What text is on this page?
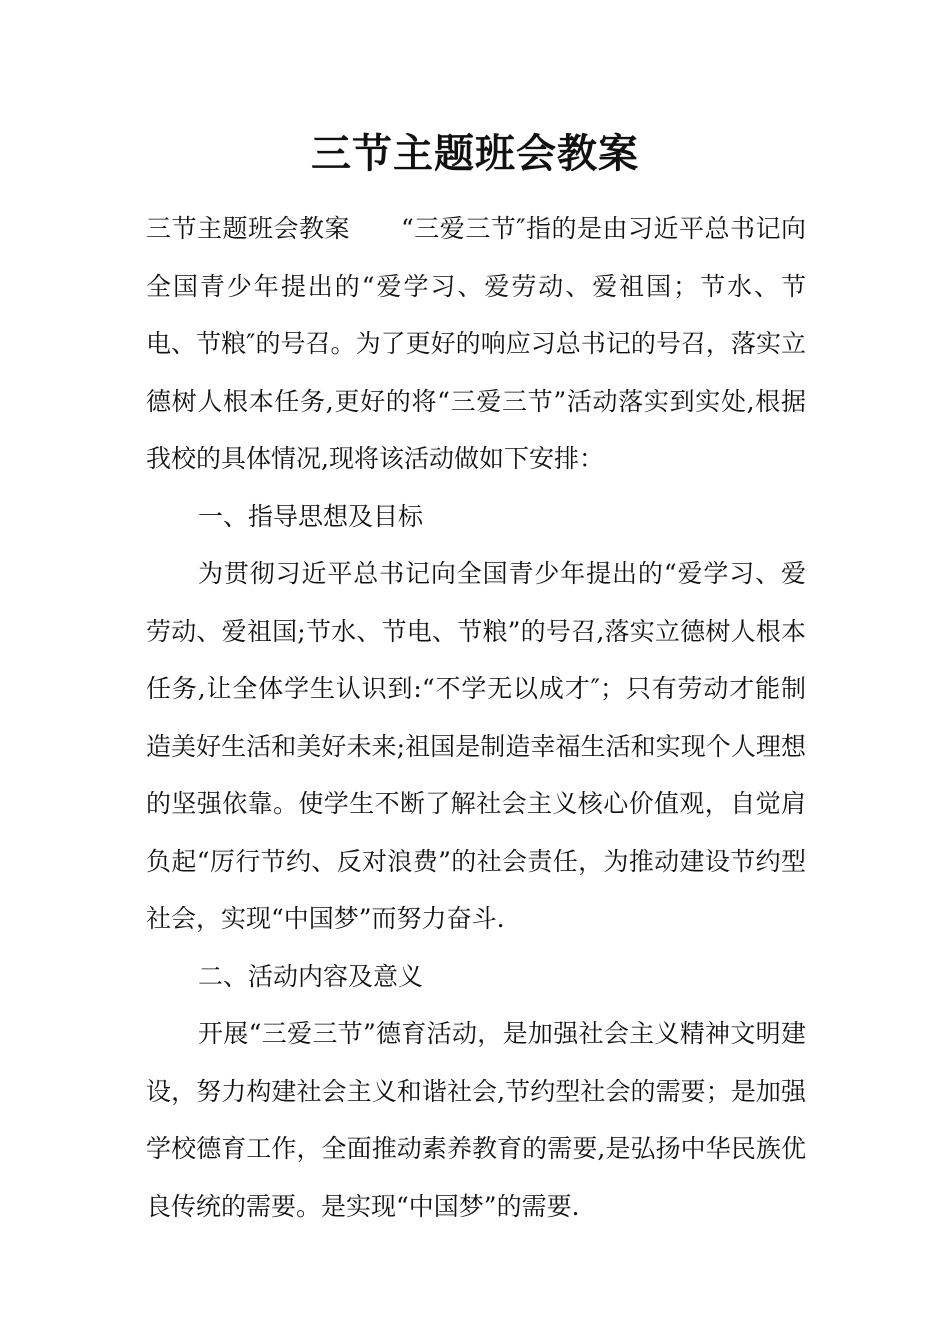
三节主题班会教案

三节主题班会教案　　“三爱三节″指的是由习近平总书记向全国青少年提出的“爱学习、爱劳动、爱祖国；节水、节电、节粮″的号召。为了更好的响应习总书记的号召，落实立德树人根本任务,更好的将“三爱三节”活动落实到实处,根据我校的具体情况,现将该活动做如下安排：

一、指导思想及目标

为贯彻习近平总书记向全国青少年提出的“爱学习、爱劳动、爱祖国;节水、节电、节粮”的号召,落实立德树人根本任务,让全体学生认识到:“不学无以成才″；只有劳动才能制造美好生活和美好未来;祖国是制造幸福生活和实现个人理想的坚强依靠。使学生不断了解社会主义核心价值观，自觉肩负起“厉行节约、反对浪费”的社会责任，为推动建设节约型社会，实现“中国梦”而努力奋斗.

二、活动内容及意义

开展“三爱三节”德育活动，是加强社会主义精神文明建设，努力构建社会主义和谐社会,节约型社会的需要；是加强学校德育工作，全面推动素养教育的需要,是弘扬中华民族优良传统的需要。是实现“中国梦”的需要.
